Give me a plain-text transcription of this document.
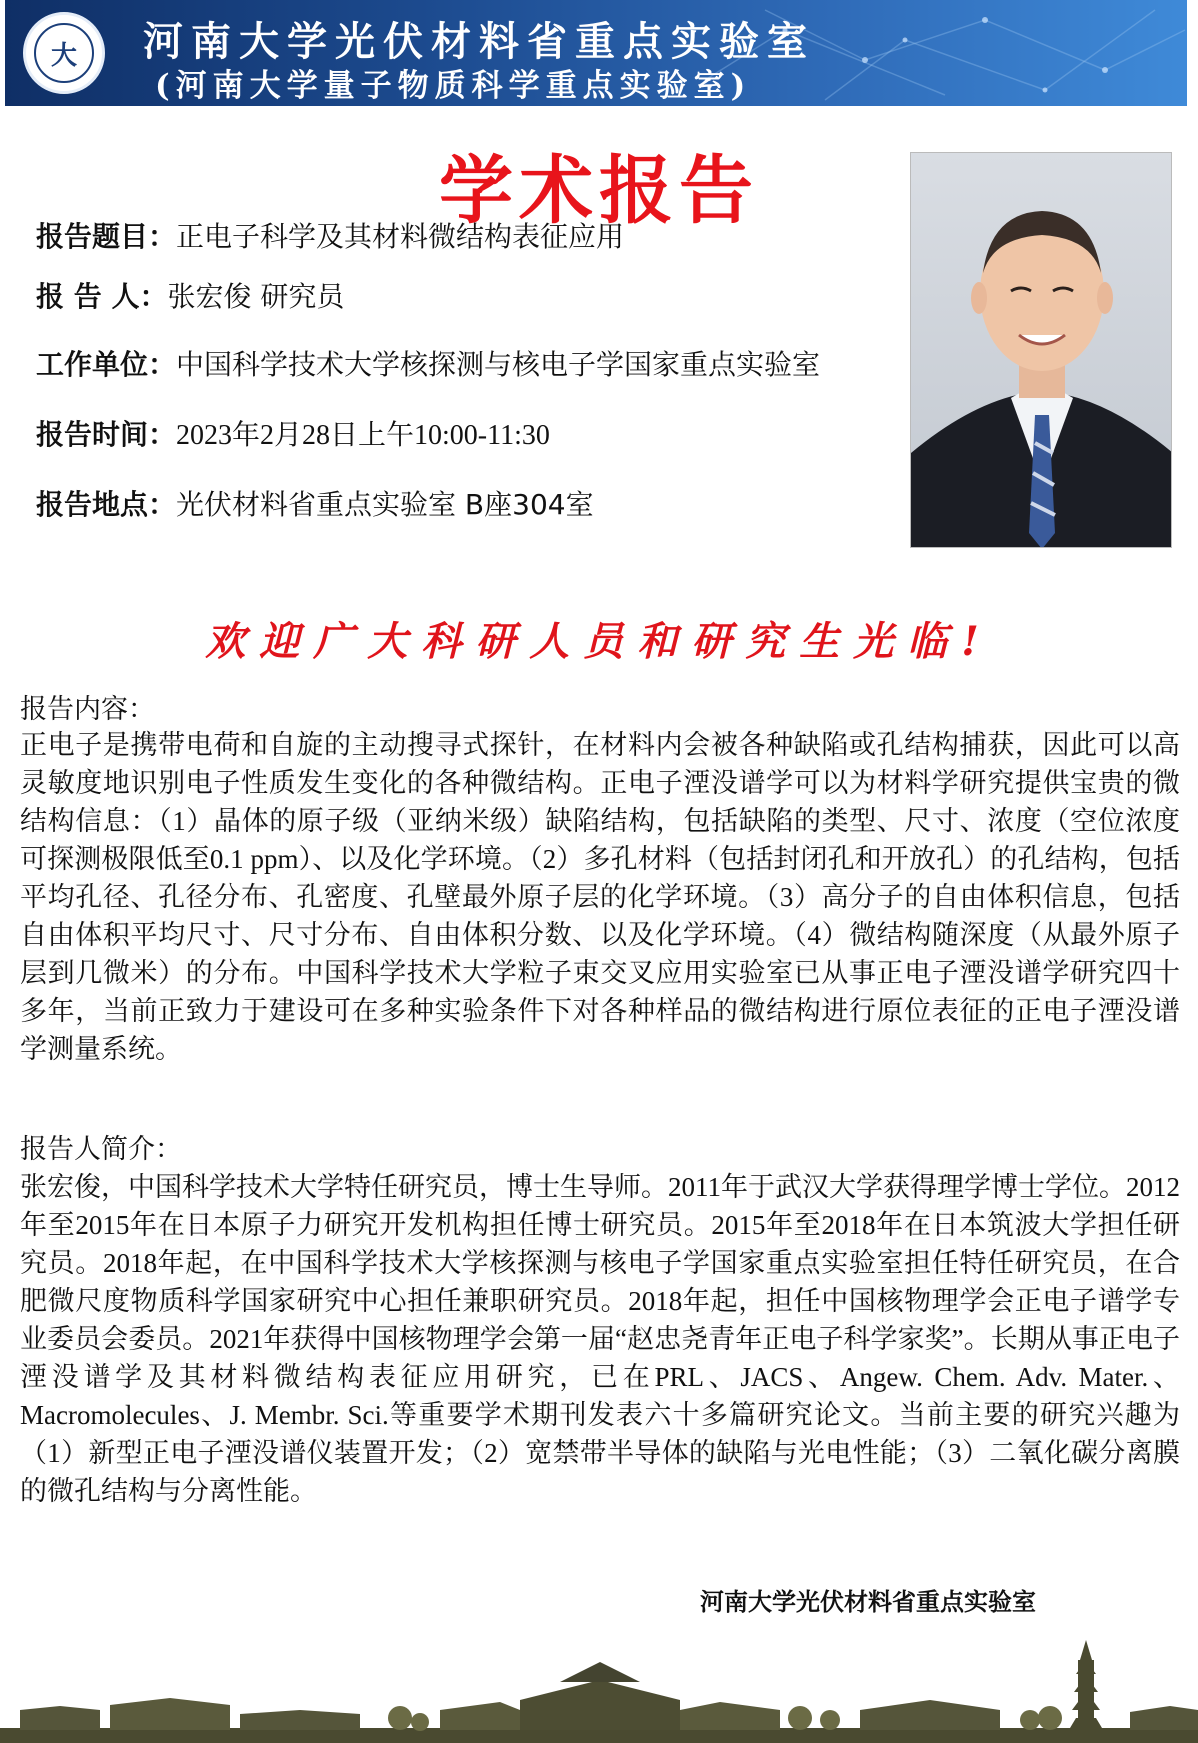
大	河南大学光伏材料省重点实验室
(河南大学量子物质科学重点实验室)
学术报告
报告题目：正电子科学及其材料微结构表征应用
报 告 人：张宏俊 研究员
工作单位：中国科学技术大学核探测与核电子学国家重点实验室
报告时间：2023年2月28日上午10:00-11:30
报告地点：光伏材料省重点实验室 B座304室
欢迎广大科研人员和研究生光临!
报告内容：
正电子是携带电荷和自旋的主动搜寻式探针，在材料内会被各种缺陷或孔结构捕获，因此可以高灵敏度地识别电子性质发生变化的各种微结构。正电子湮没谱学可以为材料学研究提供宝贵的微结构信息：（1）晶体的原子级（亚纳米级）缺陷结构，包括缺陷的类型、尺寸、浓度（空位浓度可探测极限低至0.1 ppm）、以及化学环境。（2）多孔材料（包括封闭孔和开放孔）的孔结构，包括平均孔径、孔径分布、孔密度、孔壁最外原子层的化学环境。（3）高分子的自由体积信息，包括自由体积平均尺寸、尺寸分布、自由体积分数、以及化学环境。（4）微结构随深度（从最外原子层到几微米）的分布。中国科学技术大学粒子束交叉应用实验室已从事正电子湮没谱学研究四十多年，当前正致力于建设可在多种实验条件下对各种样品的微结构进行原位表征的正电子湮没谱学测量系统。
报告人简介：
张宏俊，中国科学技术大学特任研究员，博士生导师。2011年于武汉大学获得理学博士学位。2012年至2015年在日本原子力研究开发机构担任博士研究员。2015年至2018年在日本筑波大学担任研究员。2018年起，在中国科学技术大学核探测与核电子学国家重点实验室担任特任研究员，在合肥微尺度物质科学国家研究中心担任兼职研究员。2018年起，担任中国核物理学会正电子谱学专业委员会委员。2021年获得中国核物理学会第一届“赵忠尧青年正电子科学家奖”。长期从事正电子湮没谱学及其材料微结构表征应用研究，已在PRL、JACS、Angew. Chem. Adv. Mater.、Macromolecules、J. Membr. Sci.等重要学术期刊发表六十多篇研究论文。当前主要的研究兴趣为（1）新型正电子湮没谱仪装置开发；（2）宽禁带半导体的缺陷与光电性能；（3）二氧化碳分离膜的微孔结构与分离性能。
河南大学光伏材料省重点实验室
